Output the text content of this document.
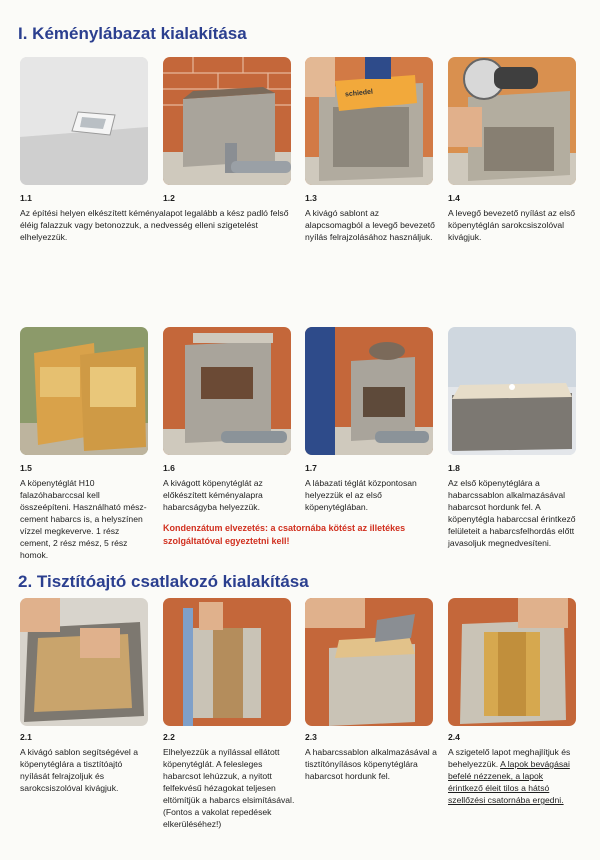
I. Kéménylábazat kialakítása
schiedel
1.1

Az építési helyen elkészített kéményalapot legalább a kész padló felső éléig falazzuk vagy betonozzuk, a nedvesség elleni szigetelést elhelyezzük.

1.2	1.3

A kivágó sablont az alapcsomagból a levegő bevezető nyílás felrajzolásához használjuk.

1.4

A levegő bevezető nyílást az első köpenytéglán sarokcsiszolóval kivágjuk.

1.5

A köpenytéglát H10 falazóhabarccsal kell összeépíteni. Használható mész-cement habarcs is, a helyszínen vízzel megkeverve. 1 rész cement, 2 rész mész, 5 rész homok.

1.6

A kivágott köpenytéglát az előkészített kéményalapra habarcságyba helyezzük.

1.7

A lábazati téglát központosan helyezzük el az első köpenytéglában.

1.8

Az első köpenytéglára a habarcssablon alkalmazásával habarcsot hordunk fel. A köpenytégla habarccsal érintkező felületeit a habarcsfelhordás előtt javasoljuk megnedvesíteni.

Kondenzátum elvezetés: a csatornába kötést az illetékes szolgáltatóval egyeztetni kell!

2. Tisztítóajtó csatlakozó kialakítása
2.1

A kivágó sablon segítségével a köpenytéglára a tisztítóajtó nyílását felrajzoljuk és sarokcsiszolóval kivágjuk.

2.2

Elhelyezzük a nyílással ellátott köpenytéglát. A felesleges habarcsot lehúzzuk, a nyitott felfekvésű hézagokat teljesen eltömítjük a habarcs elsimításával. (Fontos a vakolat repedések elkerüléséhez!)

2.3

A habarcssablon alkalmazásával a tisztítónyílásos köpenytéglára habarcsot hordunk fel.

2.4

A szigetelő lapot meghajlítjuk és behelyezzük. A lapok bevágásai befelé nézzenek, a lapok érintkező éleit tilos a hátsó szellőzési csatornába ergedni.
